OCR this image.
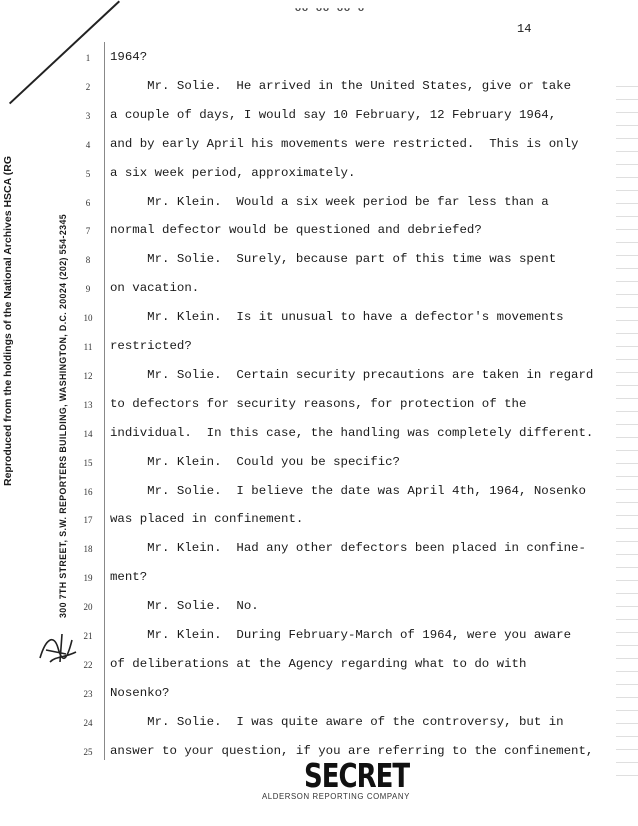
ᴗᴗ ᴗᴗ ᴗᴗ ᴗ
14
Reproduced from the holdings of the National Archives HSCA (RG	300 7TH STREET, S.W. REPORTERS BUILDING, WASHINGTON, D.C. 20024 (202) 554-2345
1	1964?
2	Mr. Solie.  He arrived in the United States, give or take
3	a couple of days, I would say 10 February, 12 February 1964,
4	and by early April his movements were restricted.  This is only
5	a six week period, approximately.
6	Mr. Klein.  Would a six week period be far less than a
7	normal defector would be questioned and debriefed?
8	Mr. Solie.  Surely, because part of this time was spent
9	on vacation.
10	Mr. Klein.  Is it unusual to have a defector's movements
11	restricted?
12	Mr. Solie.  Certain security precautions are taken in regard
13	to defectors for security reasons, for protection of the
14	individual.  In this case, the handling was completely different.
15	Mr. Klein.  Could you be specific?
16	Mr. Solie.  I believe the date was April 4th, 1964, Nosenko
17	was placed in confinement.
18	Mr. Klein.  Had any other defectors been placed in confine-
19	ment?
20	Mr. Solie.  No.
21	Mr. Klein.  During February-March of 1964, were you aware
22	of deliberations at the Agency regarding what to do with
23	Nosenko?
24	Mr. Solie.  I was quite aware of the controversy, but in
25	answer to your question, if you are referring to the confinement,
SECRET
ALDERSON REPORTING COMPANY
